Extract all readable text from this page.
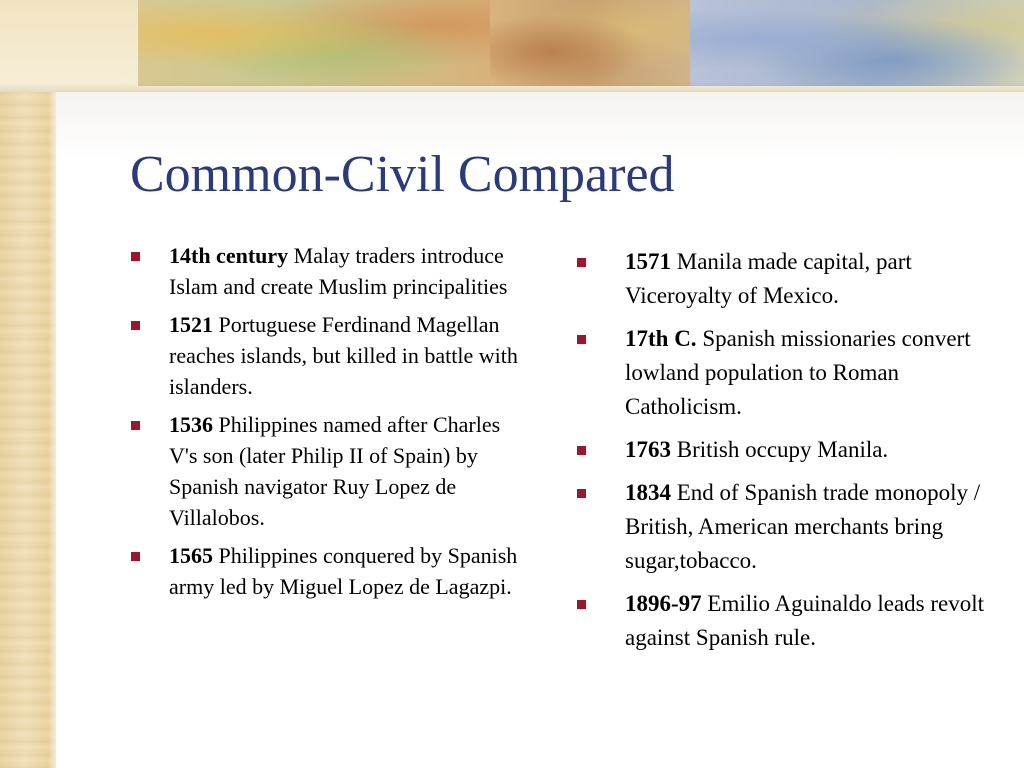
Common-Civil Compared
14th century Malay traders introduce Islam and create Muslim principalities
1521 Portuguese Ferdinand Magellan reaches islands, but killed in battle with islanders.
1536 Philippines named after Charles V's son (later Philip II of Spain) by Spanish navigator Ruy Lopez de Villalobos.
1565 Philippines conquered by Spanish army led by Miguel Lopez de Lagazpi.
1571 Manila made capital, part Viceroyalty of Mexico.
17th C. Spanish missionaries convert lowland population to Roman Catholicism.
1763 British occupy Manila.
1834 End of Spanish trade monopoly / British, American merchants bring sugar,tobacco.
1896-97 Emilio Aguinaldo leads revolt against Spanish rule.
